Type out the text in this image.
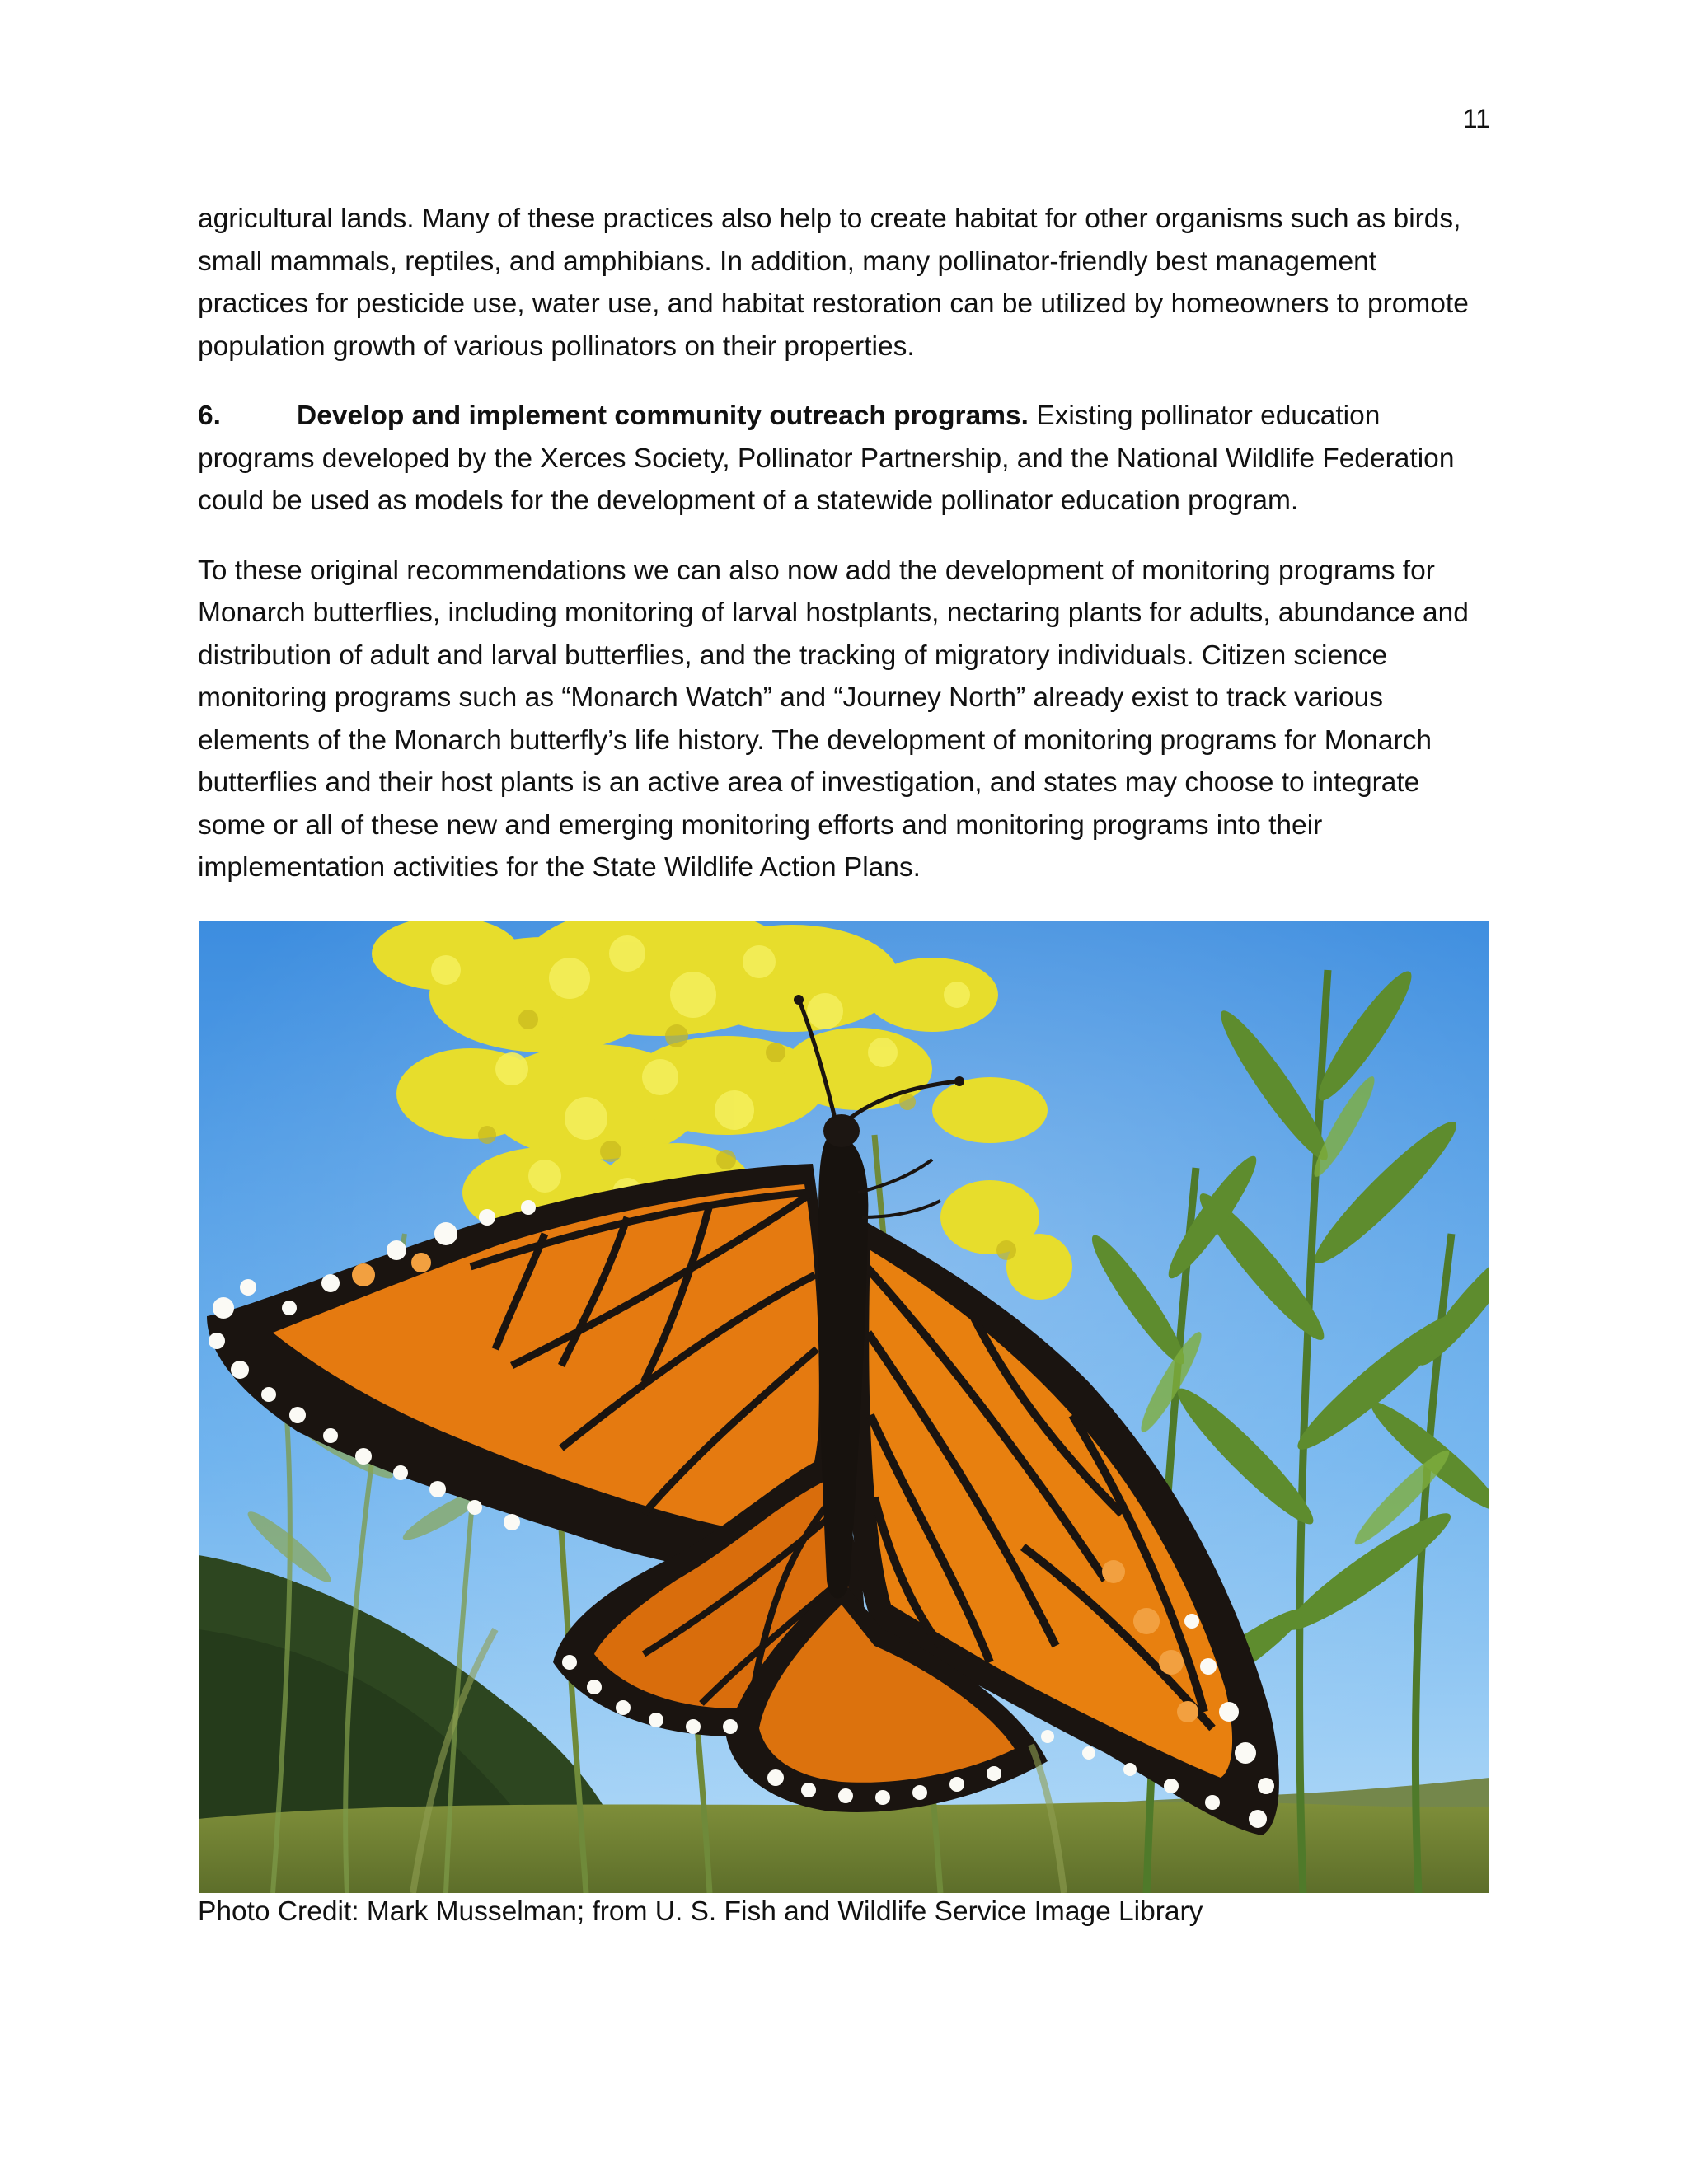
11

agricultural lands. Many of these practices also help to create habitat for other organisms such as birds, small mammals, reptiles, and amphibians. In addition, many pollinator-friendly best management practices for pesticide use, water use, and habitat restoration can be utilized by homeowners to promote population growth of various pollinators on their properties.

6.	Develop and implement community outreach programs. Existing pollinator education programs developed by the Xerces Society, Pollinator Partnership, and the National Wildlife Federation could be used as models for the development of a statewide pollinator education program.

To these original recommendations we can also now add the development of monitoring programs for Monarch butterflies, including monitoring of larval hostplants, nectaring plants for adults, abundance and distribution of adult and larval butterflies, and the tracking of migratory individuals. Citizen science monitoring programs such as “Monarch Watch” and “Journey North” already exist to track various elements of the Monarch butterfly’s life history. The development of monitoring programs for Monarch butterflies and their host plants is an active area of investigation, and states may choose to integrate some or all of these new and emerging monitoring efforts and monitoring programs into their implementation activities for the State Wildlife Action Plans.

Photo Credit: Mark Musselman; from U. S. Fish and Wildlife Service Image Library
